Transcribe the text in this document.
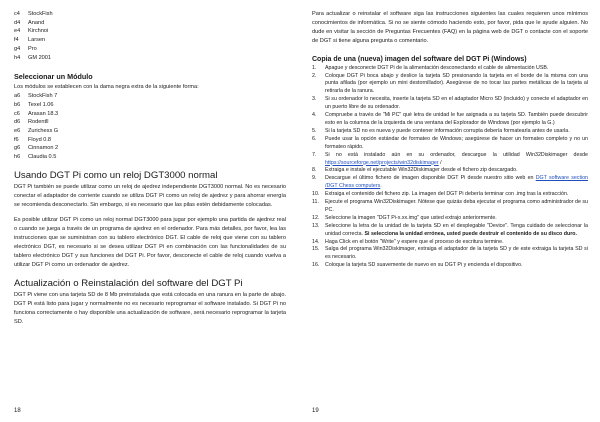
c4	StockFish
d4	Anand
e4	Kirchnoi
f4	Larsen
g4	Pro
h4	GM 2001
Seleccionar un Módulo

Los módulos se establecen con la dama negra extra de la siguiente forma:

a6	StockFish 7
b6	Texel 1.06
c6	Arasan 18.3
d6	Rodentll
e6	Zurichess G
f6	Floyd 0.8
g6	Cinnamon 2
h6	Claudia 0.5
Usando DGT Pi como un reloj DGT3000 normal

DGT Pi también se puede utilizar como un reloj de ajedrez independiente DGT3000 normal. No es necesario conectar el adaptador de corriente cuando se utiliza DGT Pi como un reloj de ajedrez y para ahorrar energía se recomienda desconectarlo. Sin embargo, si es necesario que las pilas estén debidamente colocadas.

Es posible utilizar DGT Pi como un reloj normal DGT3000 para jugar por ejemplo una partida de ajedrez real o cuando se juega a través de un programa de ajedrez en el ordenador. Para más detalles, por favor, lea las instrucciones que se suministran con su tablero electrónico DGT. El cable de reloj que viene con su tablero electrónico DGT, es necesario si se desea utilizar DGT Pi en combinación con las funcionalidades de su tablero electrónico DGT y sus funciones del DGT Pi. Por favor, desconecte el cable de reloj cuando vuelva a utilizar DGT Pi como un ordenador de ajedrez.

Actualización o Reinstalación del software del DGT Pi

DGT Pi viene con una tarjeta SD de 8 Mb preinstalada que está colocada en una ranura en la parte de abajo. DGT Pi está listo para jugar y normalmente no es necesario reprogramar el software instalado. Si DGT Pi no funciona correctamente o hay disponible una actualización de software, será necesario reprogramar la tarjeta SD.

18

Para actualizar o reinstalar el software siga las instrucciones siguientes las cuales requieren unos mínimos conocimientos de informática. Si no se siente cómodo haciendo esto, por favor, pida que le ayude alguien. No dude en visitar la sección de Preguntas Frecuentes (FAQ) en la página web de DGT o contacte con el soporte de DGT si tiene alguna pregunta o comentario.

Copia de una (nueva) imagen del software del DGT Pi (Windows)
1.	Apague y desconecte DGT Pi de la alimentación desconectando el cable de alimentación USB.
2.	Coloque DGT Pi boca abajo y deslice la tarjeta SD presionando la tarjeta en el borde de la misma con una punta afilada (por ejemplo un mini destornillador). Asegúrese de no tocar las partes metálicas de la tarjeta al retirarla de la ranura.
3.	Si su ordenador lo necesita, inserte la tarjeta SD en el adaptador Micro SD (incluido) y conecte el adaptador en un puerto libre de su ordenador.
4.	Compruebe a través de "Mi PC" qué letra de unidad le fue asignada a su tarjeta SD. También puede descubrir esto en la columna de la izquierda de una ventana del Explorador de Windows (por ejemplo la G.)
5.	Si la tarjeta SD no es nueva y puede contener información corrupta debería formatearla antes de usarla.
6.	Puede usar la opción estándar de formateo de Windows; asegúrese de hacer un formateo completo y no un formateo rápido.
7.	Si no está instalado aún en su ordenador, descargue la utilidad Win32Diskimager desde https://sourceforge.net/projects/win32diskimager /
8.	Extraiga e instale el ejecutable Win32Diskimager desde el fichero zip descargado.
9.	Descargue el último fichero de imagen disponible DGT Pi desde nuestro sitio web en DGT software section /DGT Chess computers.
10.	Extraiga el contenido del fichero zip. La imagen del DGT Pi debería terminar con .img tras la extracción.
11.	Ejecute el programa Win32Diskimager. Nótese que quizás deba ejecutar el programa como administrador de su PC.
12.	Seleccione la imagen "DGT Pi-x.xx.img" que usted extrajo anteriormente.
13.	Seleccione la letra de la unidad de la tarjeta SD en el desplegable "Device". Tenga cuidado de seleccionar la unidad correcta. Si selecciona la unidad errónea, usted puede destruir el contenido de su disco duro.
14.	Haga Click en el botón "Write" y espere que el proceso de escritura termine.
15.	Salga del programa Win32Diskimager, extraiga el adaptador de la tarjeta SD y de este extraiga la tarjeta SD si es necesario.
16.	Coloque la tarjeta SD suavemente de nuevo en su DGT Pi y encienda el dispositivo.
19
